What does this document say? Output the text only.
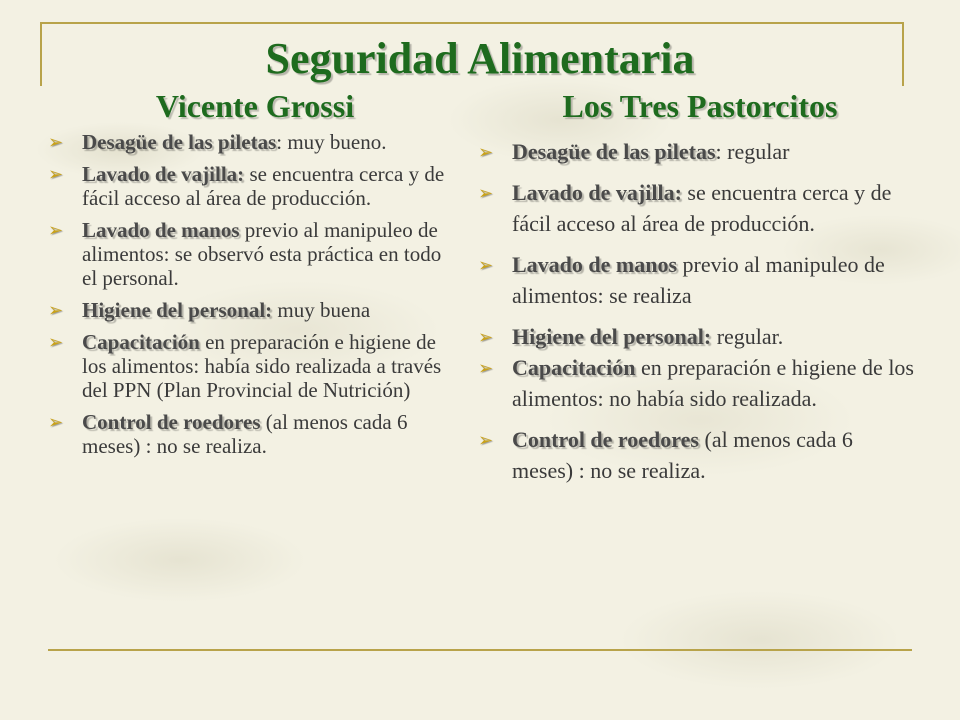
Seguridad Alimentaria
Vicente Grossi	Los Tres Pastorcitos
➢ Desagüe de las piletas: muy bueno.
➢ Lavado de vajilla: se encuentra cerca y de fácil acceso al área de producción.
➢ Lavado de manos previo al manipuleo de alimentos: se observó esta práctica en todo el personal.
➢ Higiene del personal: muy buena
➢ Capacitación en preparación e higiene de los alimentos: había sido realizada a través del PPN (Plan Provincial de Nutrición)
➢ Control de roedores (al menos cada 6 meses) : no se realiza.
➢ Desagüe de las piletas: regular
➢ Lavado de vajilla: se encuentra cerca y de fácil acceso al área de producción.
➢ Lavado de manos previo al manipuleo de alimentos: se realiza
➢ Higiene del personal: regular.
➢ Capacitación en preparación e higiene de los alimentos: no había sido realizada.
➢ Control de roedores (al menos cada 6 meses) : no se realiza.
